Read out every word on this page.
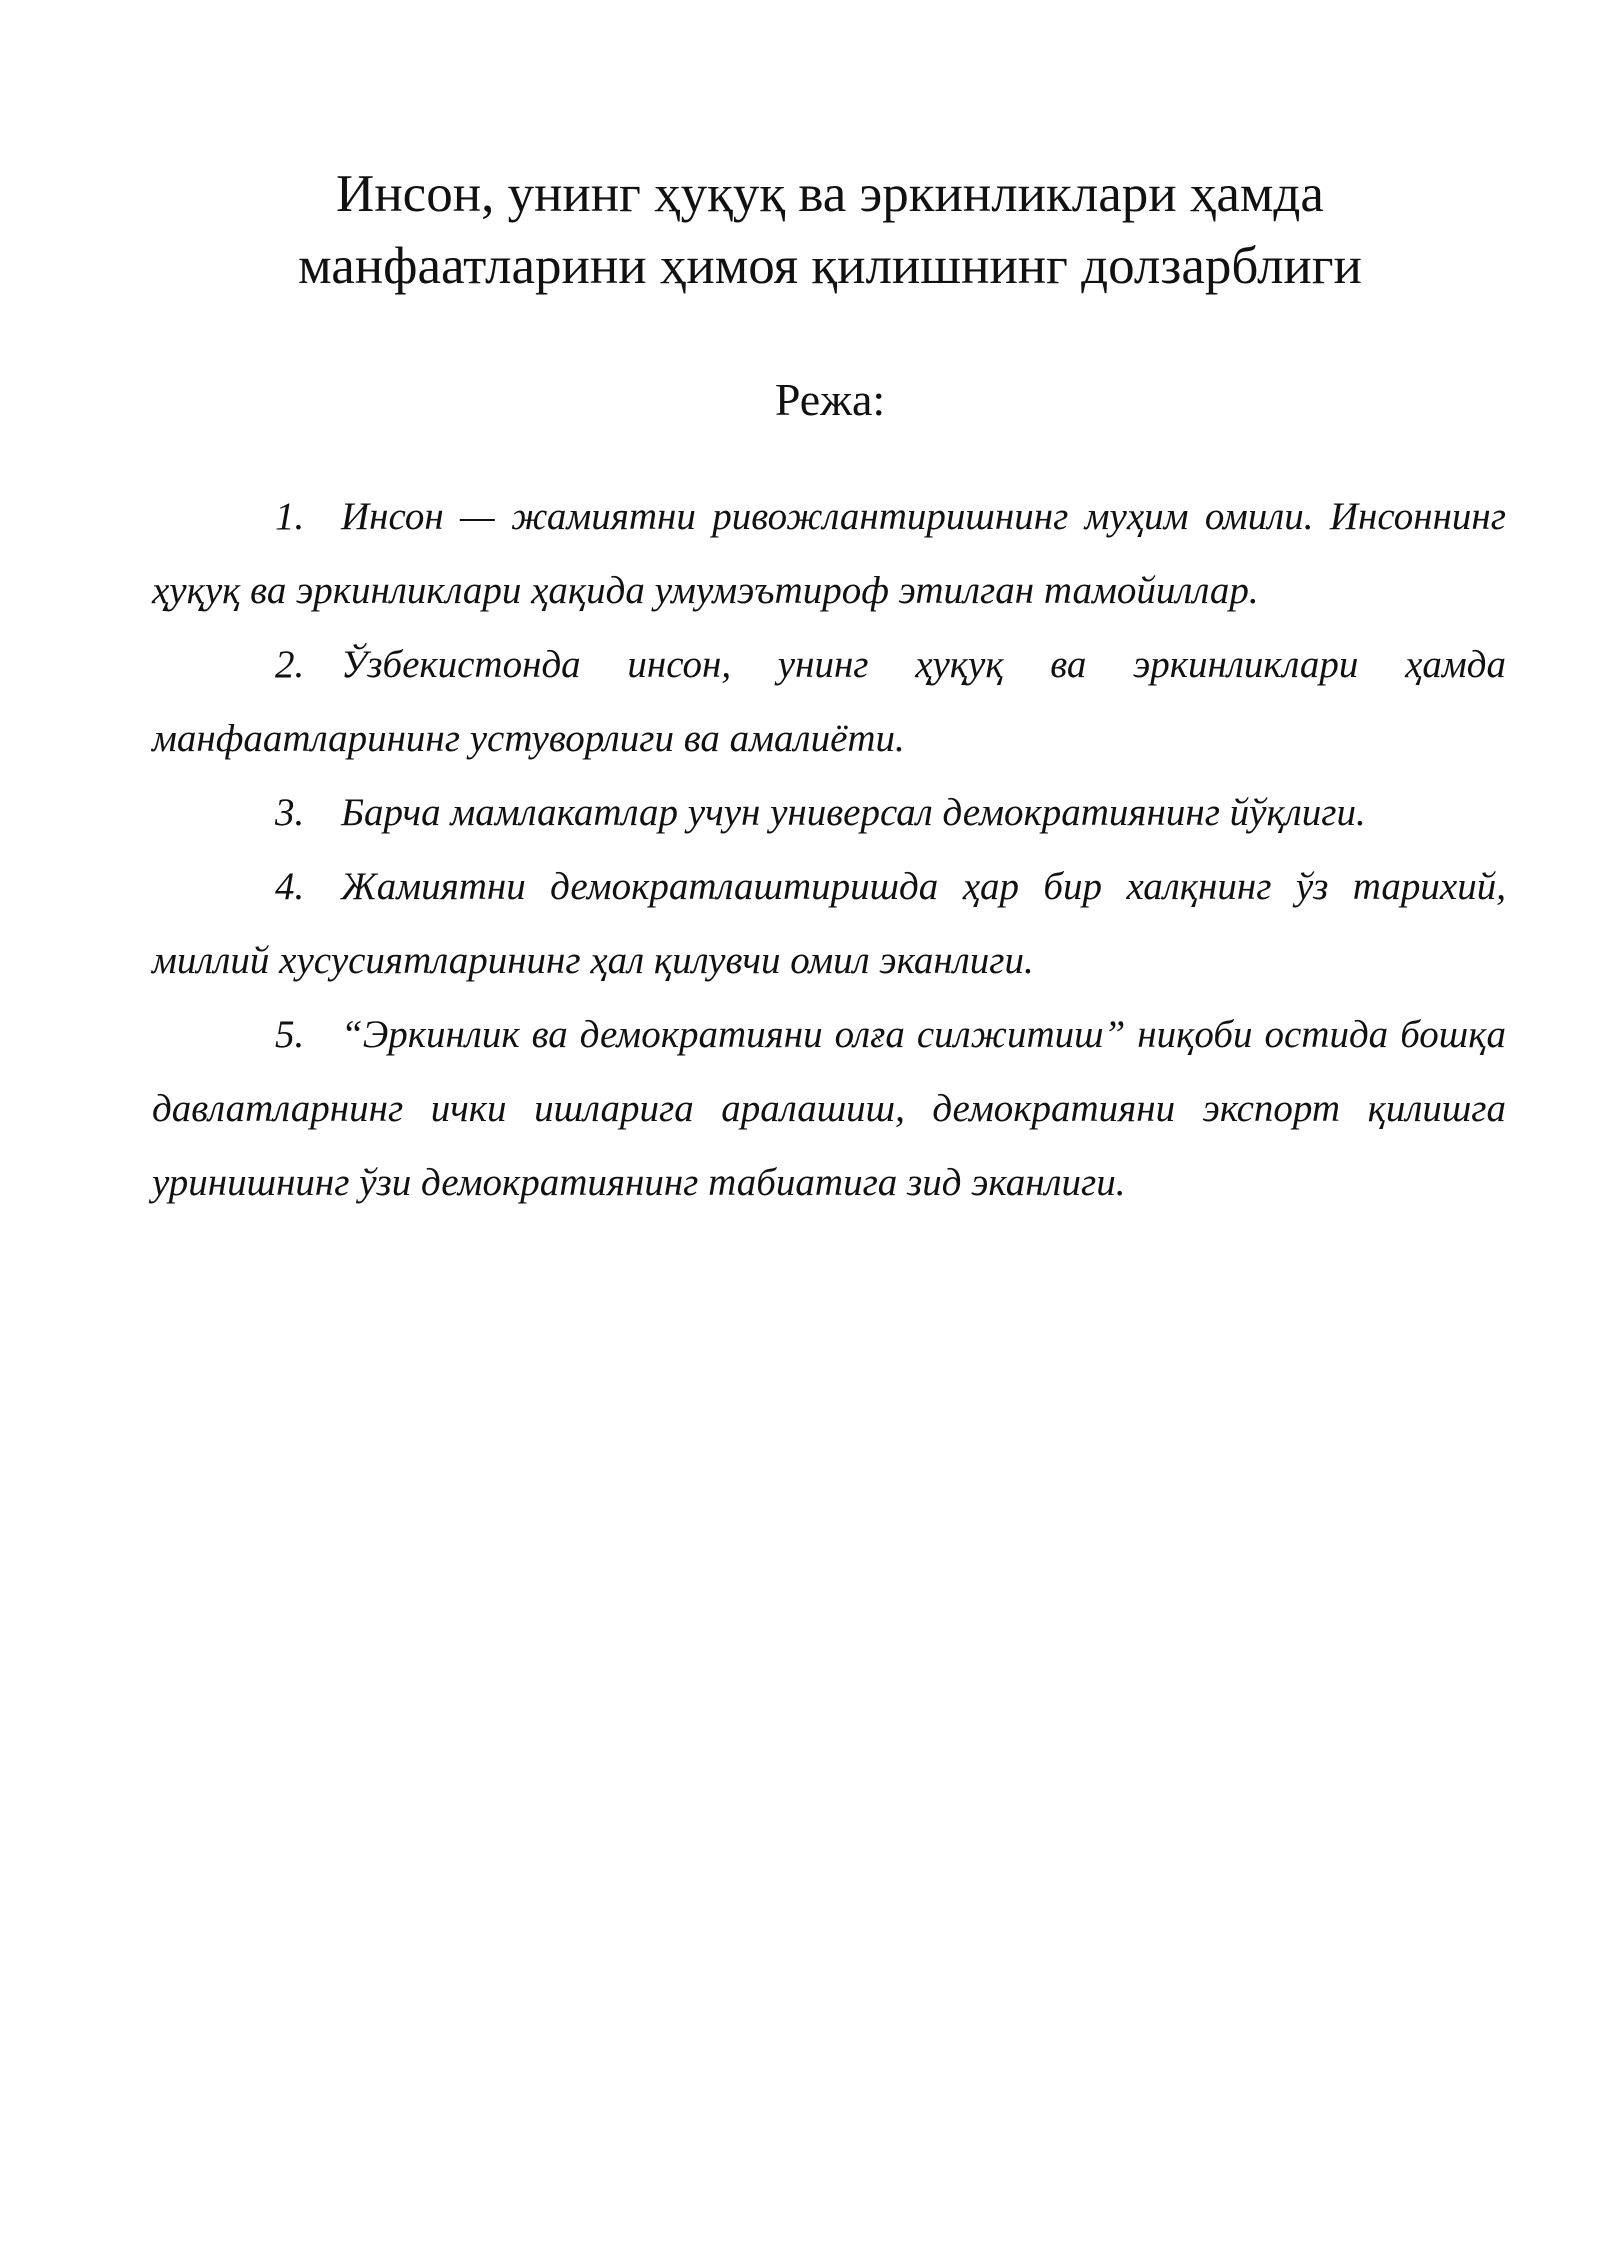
Инсон, унинг ҳуқуқ ва эркинликлари ҳамда
манфаатларини ҳимоя қилишнинг долзарблиги
Режа:
1. Инсон — жамиятни ривожлантиришнинг муҳим омили. Инсоннинг ҳуқуқ ва эркинликлари ҳақида умумэътироф этилган тамойиллар.
2. Ўзбекистонда инсон, унинг ҳуқуқ ва эркинликлари ҳамда манфаатларининг устуворлиги ва амалиёти.
3. Барча мамлакатлар учун универсал демократиянинг йўқлиги.
4. Жамиятни демократлаштиришда ҳар бир халқнинг ўз тарихий, миллий хусусиятларининг ҳал қилувчи омил эканлиги.
5. “Эркинлик ва демократияни олға силжитиш” ниқоби остида бошқа давлатларнинг ички ишларига аралашиш, демократияни экспорт қилишга уринишнинг ўзи демократиянинг табиатига зид эканлиги.
